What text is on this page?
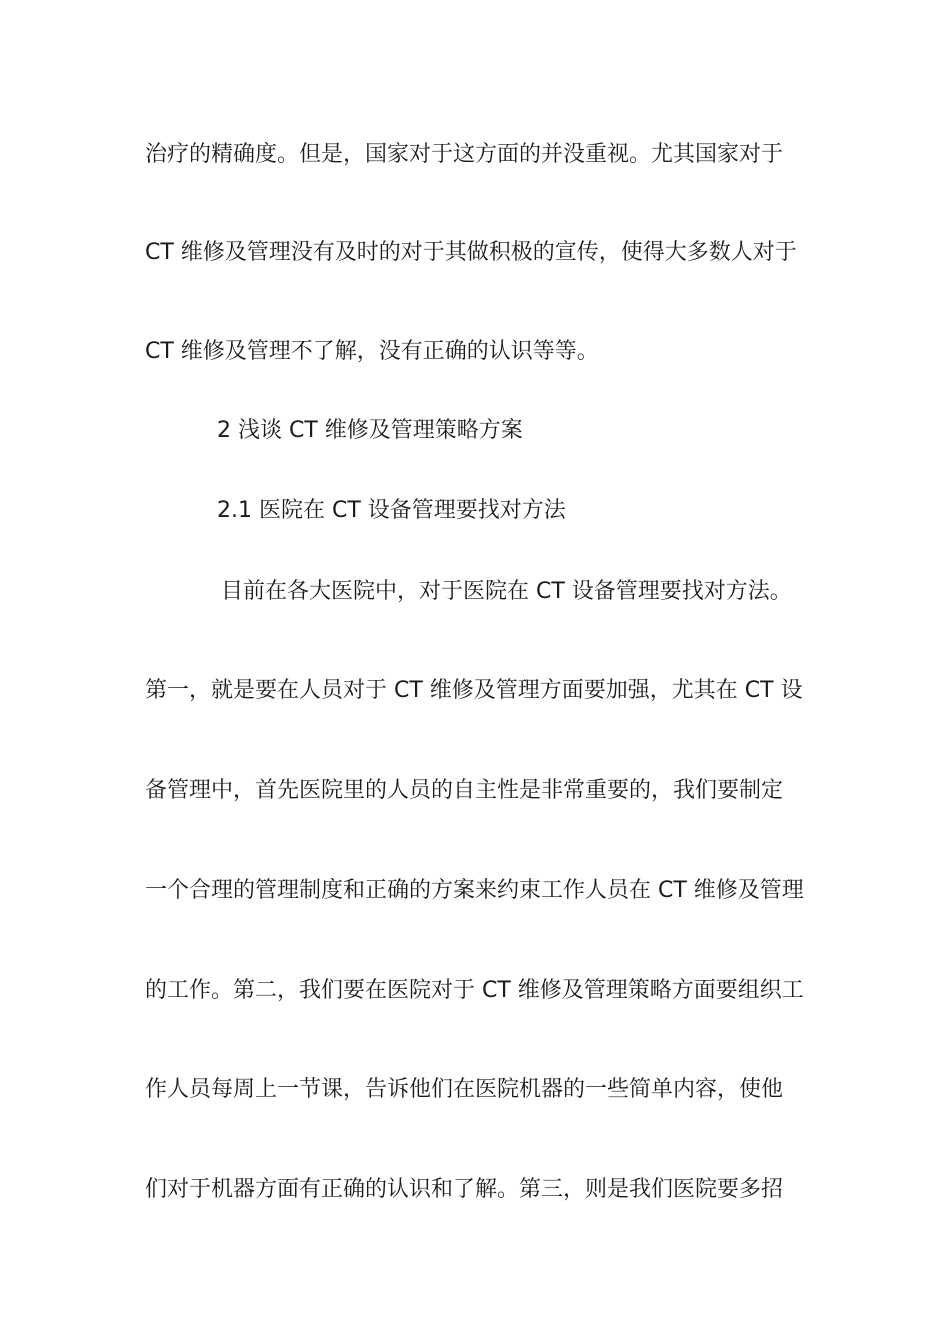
治疗的精确度。但是，国家对于这方面的并没重视。尤其国家对于
CT 维修及管理没有及时的对于其做积极的宣传，使得大多数人对于
CT 维修及管理不了解，没有正确的认识等等。
2 浅谈 CT 维修及管理策略方案
2.1 医院在 CT 设备管理要找对方法
目前在各大医院中，对于医院在 CT 设备管理要找对方法。
第一，就是要在人员对于 CT 维修及管理方面要加强，尤其在 CT 设
备管理中，首先医院里的人员的自主性是非常重要的，我们要制定
一个合理的管理制度和正确的方案来约束工作人员在 CT 维修及管理
的工作。第二，我们要在医院对于 CT 维修及管理策略方面要组织工
作人员每周上一节课，告诉他们在医院机器的一些简单内容，使他
们对于机器方面有正确的认识和了解。第三，则是我们医院要多招
